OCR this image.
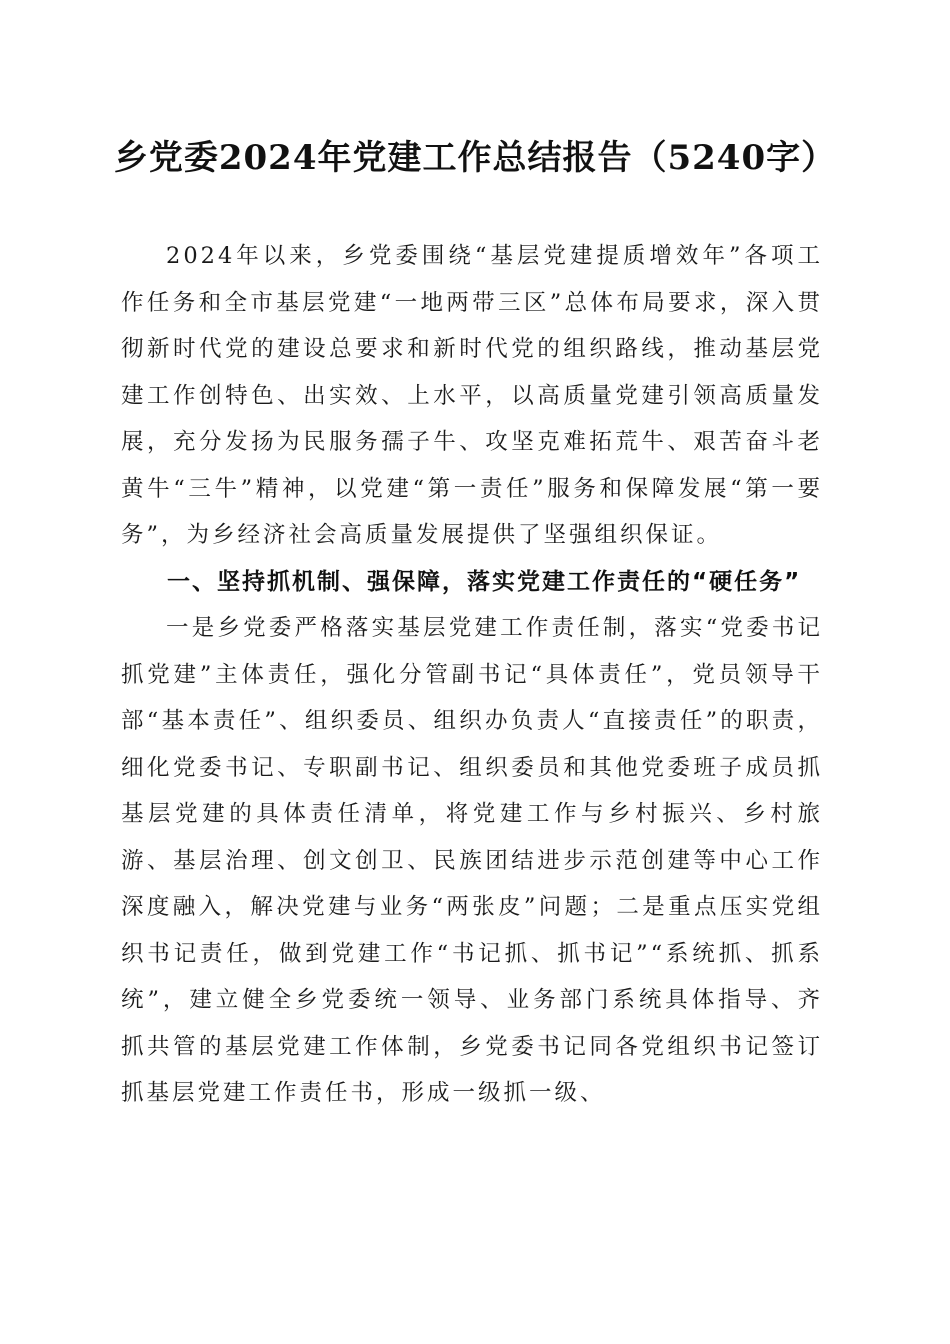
乡党委2024年党建工作总结报告（5240字）

2024年以来，乡党委围绕“基层党建提质增效年”各项工作任务和全市基层党建“一地两带三区”总体布局要求，深入贯彻新时代党的建设总要求和新时代党的组织路线，推动基层党建工作创特色、出实效、上水平，以高质量党建引领高质量发展，充分发扬为民服务孺子牛、攻坚克难拓荒牛、艰苦奋斗老黄牛“三牛”精神，以党建“第一责任”服务和保障发展“第一要务”，为乡经济社会高质量发展提供了坚强组织保证。

一、坚持抓机制、强保障，落实党建工作责任的“硬任务”

一是乡党委严格落实基层党建工作责任制，落实“党委书记抓党建”主体责任，强化分管副书记“具体责任”，党员领导干部“基本责任”、组织委员、组织办负责人“直接责任”的职责，细化党委书记、专职副书记、组织委员和其他党委班子成员抓基层党建的具体责任清单，将党建工作与乡村振兴、乡村旅游、基层治理、创文创卫、民族团结进步示范创建等中心工作深度融入，解决党建与业务“两张皮”问题；二是重点压实党组织书记责任，做到党建工作“书记抓、抓书记”“系统抓、抓系统”，建立健全乡党委统一领导、业务部门系统具体指导、齐抓共管的基层党建工作体制，乡党委书记同各党组织书记签订抓基层党建工作责任书，形成一级抓一级、
